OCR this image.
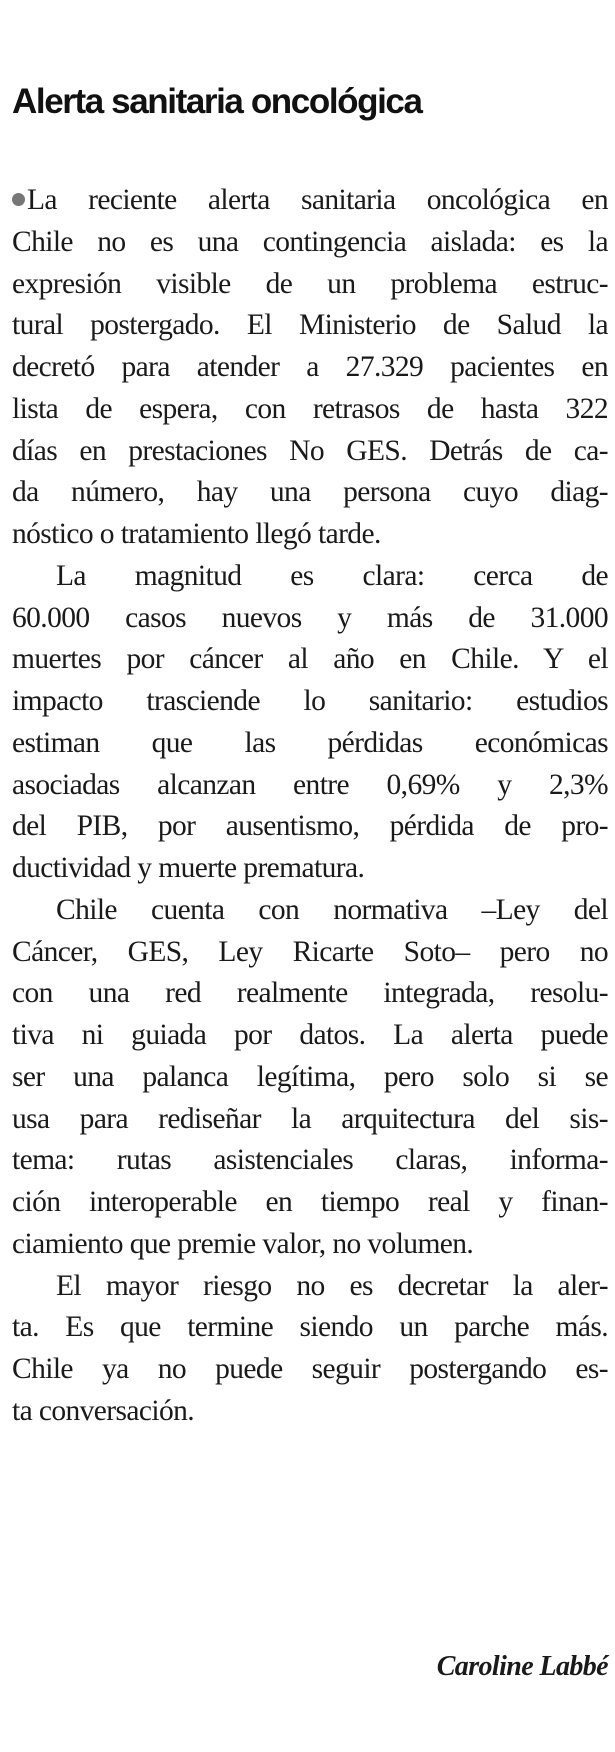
Alerta sanitaria oncológica
La reciente alerta sanitaria oncológica en
Chile no es una contingencia aislada: es la
expresión visible de un problema estruc-
tural postergado. El Ministerio de Salud la
decretó para atender a 27.329 pacientes en
lista de espera, con retrasos de hasta 322
días en prestaciones No GES. Detrás de ca-
da número, hay una persona cuyo diag-
nóstico o tratamiento llegó tarde.
La magnitud es clara: cerca de
60.000 casos nuevos y más de 31.000
muertes por cáncer al año en Chile. Y el
impacto trasciende lo sanitario: estudios
estiman que las pérdidas económicas
asociadas alcanzan entre 0,69% y 2,3%
del PIB, por ausentismo, pérdida de pro-
ductividad y muerte prematura.
Chile cuenta con normativa –Ley del
Cáncer, GES, Ley Ricarte Soto– pero no
con una red realmente integrada, resolu-
tiva ni guiada por datos. La alerta puede
ser una palanca legítima, pero solo si se
usa para rediseñar la arquitectura del sis-
tema: rutas asistenciales claras, informa-
ción interoperable en tiempo real y finan-
ciamiento que premie valor, no volumen.
El mayor riesgo no es decretar la aler-
ta. Es que termine siendo un parche más.
Chile ya no puede seguir postergando es-
ta conversación.
Caroline Labbé
